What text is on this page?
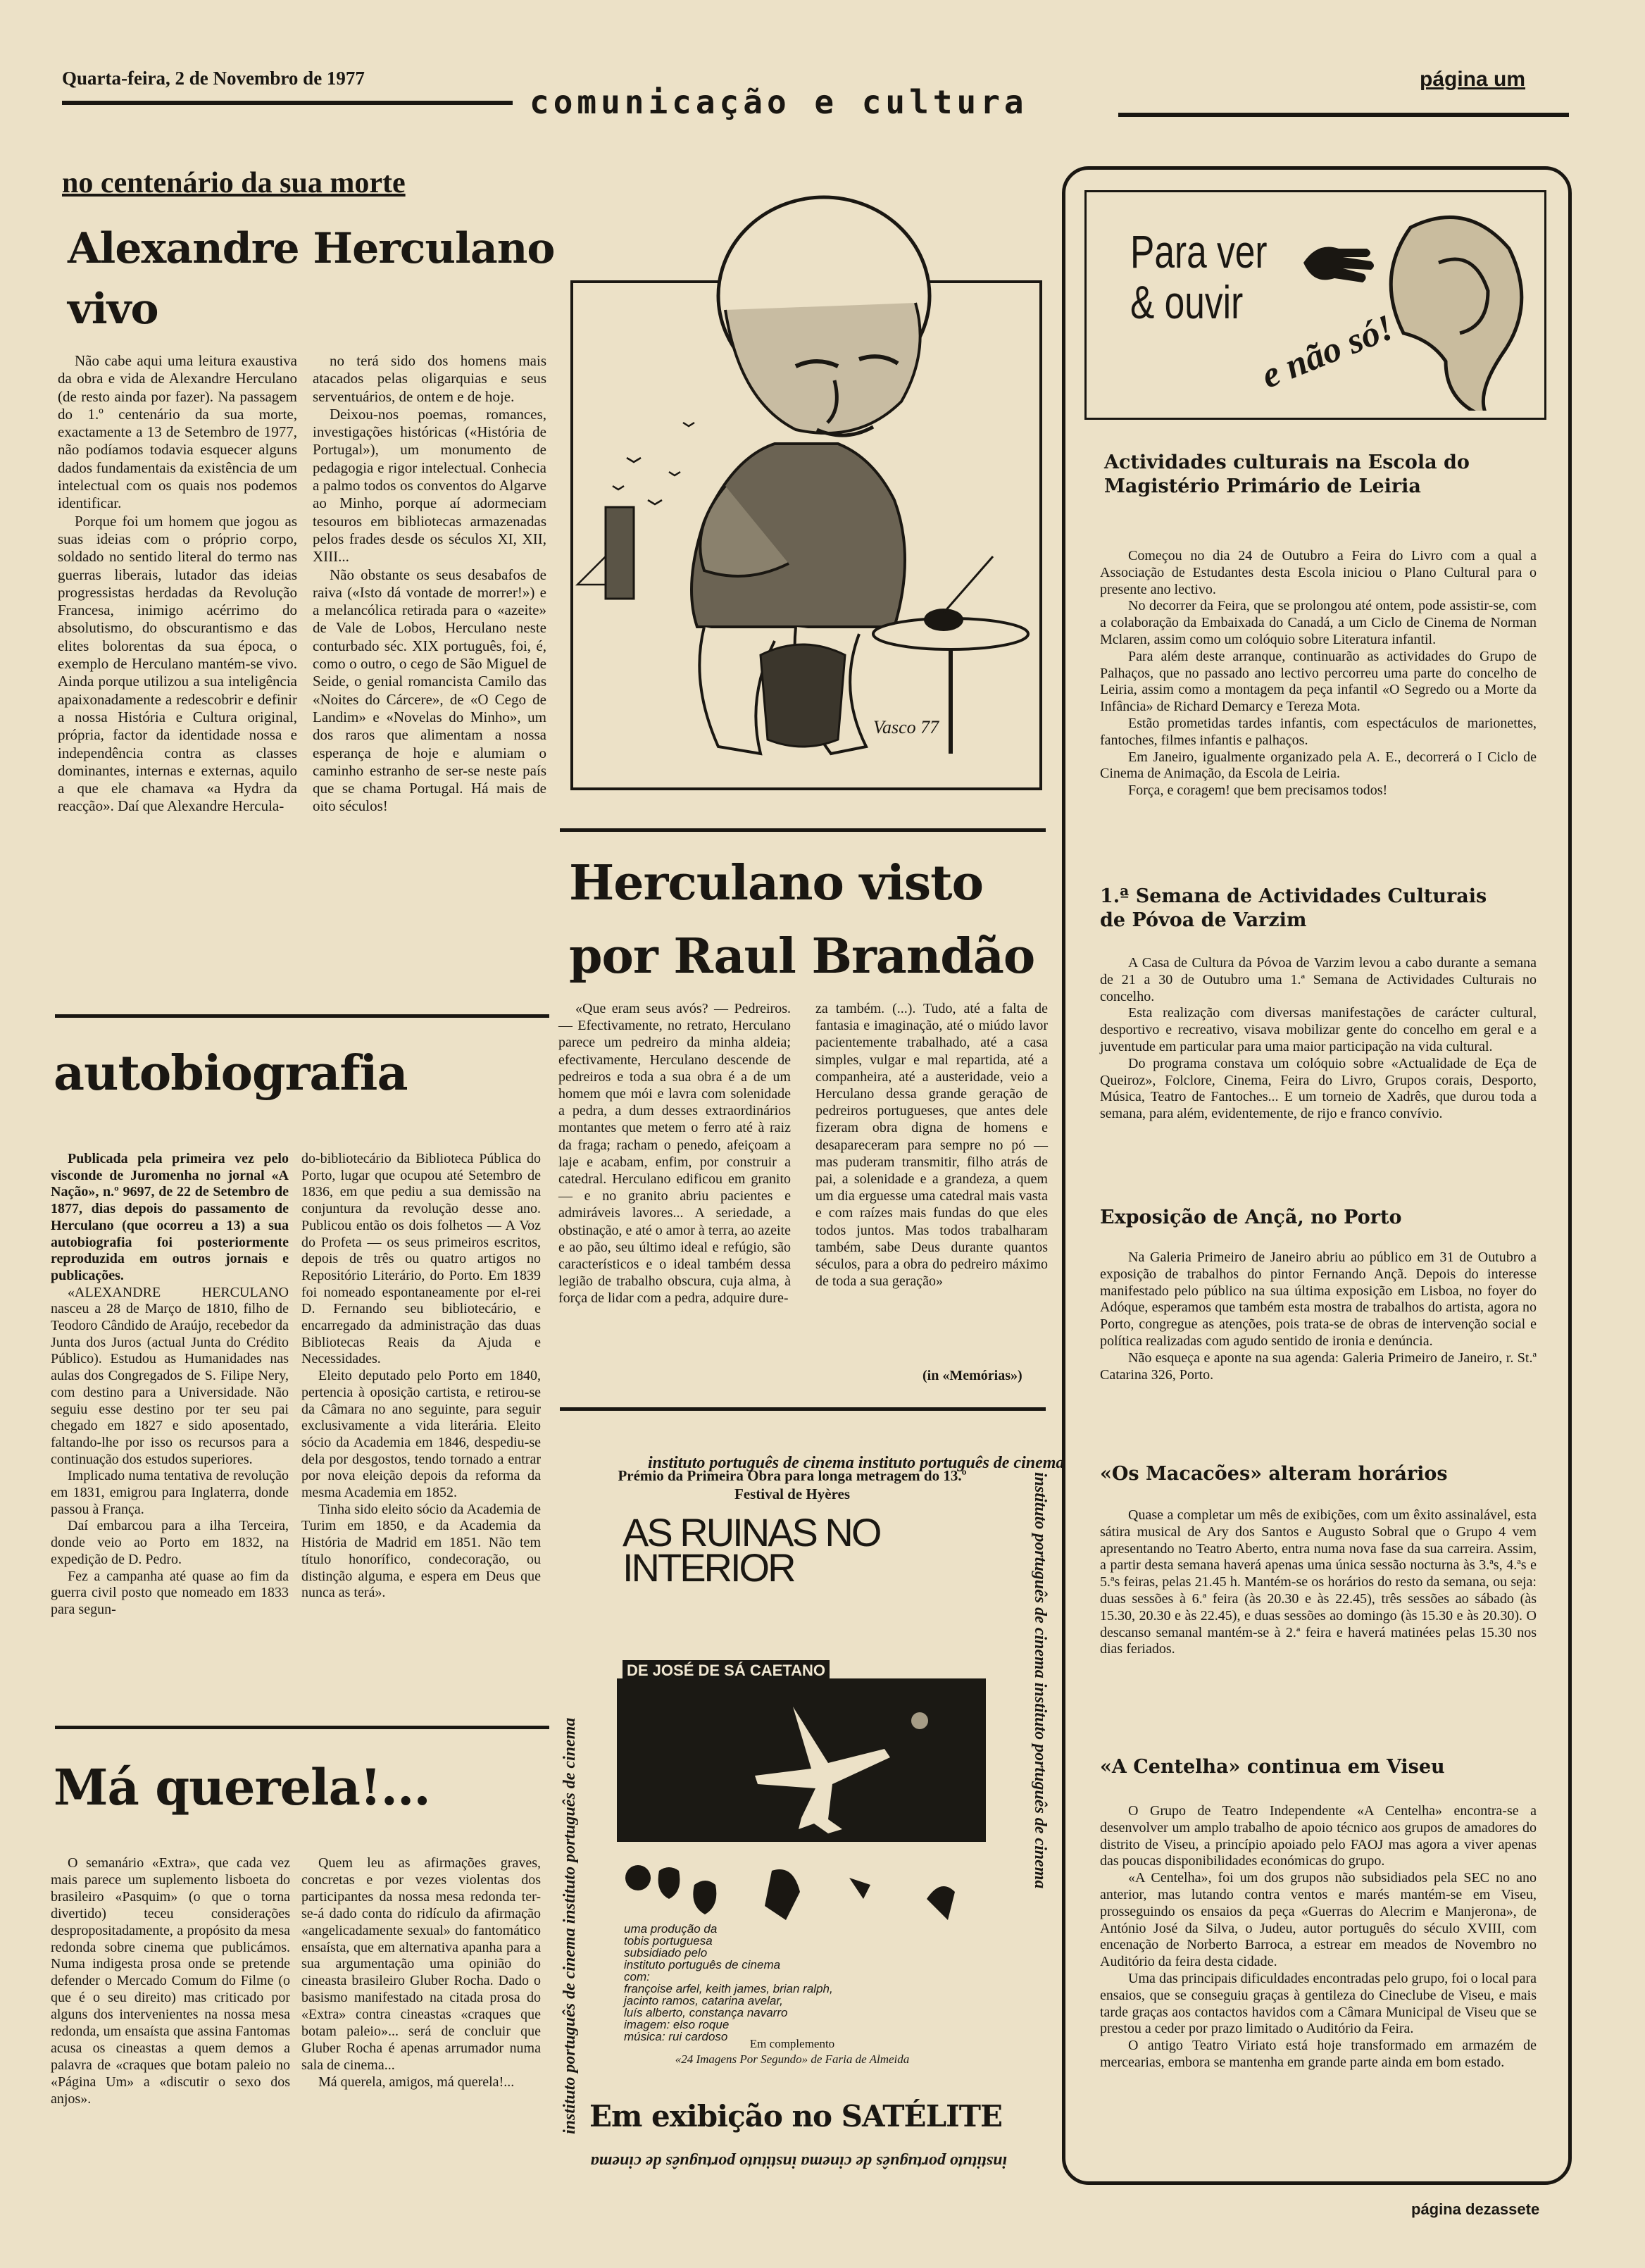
Quarta-feira, 2 de Novembro de 1977
comunicação e cultura
página um
no centenário da sua morte
Alexandre Herculano
vivo

Não cabe aqui uma leitura exaustiva da obra e vida de Alexandre Herculano (de resto ainda por fazer). Na passagem do 1.º centenário da sua morte, exactamente a 13 de Setembro de 1977, não podíamos todavia esquecer alguns dados fundamentais da existência de um intelectual com os quais nos podemos identificar.

Porque foi um homem que jogou as suas ideias com o próprio corpo, soldado no sentido literal do termo nas guerras liberais, lutador das ideias progressistas herdadas da Revolução Francesa, inimigo acérrimo do absolutismo, do obscurantismo e das elites bolorentas da sua época, o exemplo de Herculano mantém-se vivo. Ainda porque utilizou a sua inteligência apaixonadamente a redescobrir e definir a nossa História e Cultura original, própria, factor da identidade nossa e independência contra as classes dominantes, internas e externas, aquilo a que ele chamava «a Hydra da reacção». Daí que Alexandre Hercula-

no terá sido dos homens mais atacados pelas oligarquias e seus serventuários, de ontem e de hoje.

Deixou-nos poemas, romances, investigações históricas («História de Portugal»), um monumento de pedagogia e rigor intelectual. Conhecia a palmo todos os conventos do Algarve ao Minho, porque aí adormeciam tesouros em bibliotecas armazenadas pelos frades desde os séculos XI, XII, XIII...

Não obstante os seus desabafos de raiva («Isto dá vontade de morrer!») e a melancólica retirada para o «azeite» de Vale de Lobos, Herculano neste conturbado séc. XIX português, foi, é, como o outro, o cego de São Miguel de Seide, o genial romancista Camilo das «Noites do Cárcere», de «O Cego de Landim» e «Novelas do Minho», um dos raros que alimentam a nossa esperança de hoje e alumiam o caminho estranho de ser-se neste país que se chama Portugal. Há mais de oito séculos!

Vasco 77
Herculano visto
por Raul Brandão

«Que eram seus avós? — Pedreiros. — Efectivamente, no retrato, Herculano parece um pedreiro da minha aldeia; efectivamente, Herculano descende de pedreiros e toda a sua obra é a de um homem que mói e lavra com solenidade a pedra, a dum desses extraordinários montantes que metem o ferro até à raiz da fraga; racham o penedo, afeiçoam a laje e acabam, enfim, por construir a catedral. Herculano edificou em granito — e no granito abriu pacientes e admiráveis lavores... A seriedade, a obstinação, e até o amor à terra, ao azeite e ao pão, seu último ideal e refúgio, são característicos e o ideal também dessa legião de trabalho obscura, cuja alma, à força de lidar com a pedra, adquire dure-

za também. (...). Tudo, até a falta de fantasia e imaginação, até o miúdo lavor pacientemente trabalhado, até a casa simples, vulgar e mal repartida, até a companheira, até a austeridade, veio a Herculano dessa grande geração de pedreiros portugueses, que antes dele fizeram obra digna de homens e desapareceram para sempre no pó — mas puderam transmitir, filho atrás de pai, a solenidade e a grandeza, a quem um dia erguesse uma catedral mais vasta e com raízes mais fundas do que eles todos juntos. Mas todos trabalharam também, sabe Deus durante quantos séculos, para a obra do pedreiro máximo de toda a sua geração»

(in «Memórias»)
autobiografia

Publicada pela primeira vez pelo visconde de Juromenha no jornal «A Nação», n.º 9697, de 22 de Setembro de 1877, dias depois do passamento de Herculano (que ocorreu a 13) a sua autobiografia foi posteriormente reproduzida em outros jornais e publicações.

«ALEXANDRE HERCULANO nasceu a 28 de Março de 1810, filho de Teodoro Cândido de Araújo, recebedor da Junta dos Juros (actual Junta do Crédito Público). Estudou as Humanidades nas aulas dos Congregados de S. Filipe Nery, com destino para a Universidade. Não seguiu esse destino por ter seu pai chegado em 1827 e sido aposentado, faltando-lhe por isso os recursos para a continuação dos estudos superiores.

Implicado numa tentativa de revolução em 1831, emigrou para Inglaterra, donde passou à França.

Daí embarcou para a ilha Terceira, donde veio ao Porto em 1832, na expedição de D. Pedro.

Fez a campanha até quase ao fim da guerra civil posto que nomeado em 1833 para segun-

do-bibliotecário da Biblioteca Pública do Porto, lugar que ocupou até Setembro de 1836, em que pediu a sua demissão na conjuntura da revolução desse ano. Publicou então os dois folhetos — A Voz do Profeta — os seus primeiros escritos, depois de três ou quatro artigos no Repositório Literário, do Porto. Em 1839 foi nomeado espontaneamente por el-rei D. Fernando seu bibliotecário, e encarregado da administração das duas Bibliotecas Reais da Ajuda e Necessidades.

Eleito deputado pelo Porto em 1840, pertencia à oposição cartista, e retirou-se da Câmara no ano seguinte, para seguir exclusivamente a vida literária. Eleito sócio da Academia em 1846, despediu-se dela por desgostos, tendo tornado a entrar por nova eleição depois da reforma da mesma Academia em 1852.

Tinha sido eleito sócio da Academia de Turim em 1850, e da Academia da História de Madrid em 1851. Não tem título honorífico, condecoração, ou distinção alguma, e espera em Deus que nunca as terá».

Má querela!...

O semanário «Extra», que cada vez mais parece um suplemento lisboeta do brasileiro «Pasquim» (o que o torna divertido) teceu considerações despropositadamente, a propósito da mesa redonda sobre cinema que publicámos. Numa indigesta prosa onde se pretende defender o Mercado Comum do Filme (o que é o seu direito) mas criticado por alguns dos intervenientes na nossa mesa redonda, um ensaísta que assina Fantomas acusa os cineastas a quem demos a palavra de «craques que botam paleio no «Página Um» a «discutir o sexo dos anjos».

Quem leu as afirmações graves, concretas e por vezes violentas dos participantes da nossa mesa redonda ter-se-á dado conta do ridículo da afirmação «angelicadamente sexual» do fantomático ensaísta, que em alternativa apanha para a sua argumentação uma opinião do cineasta brasileiro Gluber Rocha. Dado o basismo manifestado na citada prosa do «Extra» contra cineastas «craques que botam paleio»... será de concluir que Gluber Rocha é apenas arrumador numa sala de cinema...

Má querela, amigos, má querela!...

instituto português de cinema instituto português de cinema
instituto português de cinema instituto português de cinema
instituto português de cinema instituto português de cinema
instituto português de cinema instituto português de cinema
Prémio da Primeira Obra para longa metragem do 13.º Festival de Hyères
AS RUINAS NO INTERIOR
DE JOSÉ DE SÁ CAETANO
uma produção da
tobis portuguesa
subsidiado pelo
instituto português de cinema
com:
françoise arfel, keith james, brian ralph,
jacinto ramos, catarina avelar,
luís alberto, constança navarro
imagem: elso roque
música: rui cardoso
Em complemento
«24 Imagens Por Segundo» de Faria de Almeida
Em exibição no SATÉLITE
Para ver
& ouvir
e não só!
Actividades culturais na Escola do Magistério Primário de Leiria

Começou no dia 24 de Outubro a Feira do Livro com a qual a Associação de Estudantes desta Escola iniciou o Plano Cultural para o presente ano lectivo.

No decorrer da Feira, que se prolongou até ontem, pode assistir-se, com a colaboração da Embaixada do Canadá, a um Ciclo de Cinema de Norman Mclaren, assim como um colóquio sobre Literatura infantil.

Para além deste arranque, continuarão as actividades do Grupo de Palhaços, que no passado ano lectivo percorreu uma parte do concelho de Leiria, assim como a montagem da peça infantil «O Segredo ou a Morte da Infância» de Richard Demarcy e Tereza Mota.

Estão prometidas tardes infantis, com espectáculos de marionettes, fantoches, filmes infantis e palhaços.

Em Janeiro, igualmente organizado pela A. E., decorrerá o I Ciclo de Cinema de Animação, da Escola de Leiria.

Força, e coragem! que bem precisamos todos!

1.ª Semana de Actividades Culturais de Póvoa de Varzim

A Casa de Cultura da Póvoa de Varzim levou a cabo durante a semana de 21 a 30 de Outubro uma 1.ª Semana de Actividades Culturais no concelho.

Esta realização com diversas manifestações de carácter cultural, desportivo e recreativo, visava mobilizar gente do concelho em geral e a juventude em particular para uma maior participação na vida cultural.

Do programa constava um colóquio sobre «Actualidade de Eça de Queiroz», Folclore, Cinema, Feira do Livro, Grupos corais, Desporto, Música, Teatro de Fantoches... E um torneio de Xadrês, que durou toda a semana, para além, evidentemente, de rijo e franco convívio.

Exposição de Ançã, no Porto

Na Galeria Primeiro de Janeiro abriu ao público em 31 de Outubro a exposição de trabalhos do pintor Fernando Ançã. Depois do interesse manifestado pelo público na sua última exposição em Lisboa, no foyer do Adóque, esperamos que também esta mostra de trabalhos do artista, agora no Porto, congregue as atenções, pois trata-se de obras de intervenção social e política realizadas com agudo sentido de ironia e denúncia.

Não esqueça e aponte na sua agenda: Galeria Primeiro de Janeiro, r. St.ª Catarina 326, Porto.

«Os Macacões» alteram horários

Quase a completar um mês de exibições, com um êxito assinalável, esta sátira musical de Ary dos Santos e Augusto Sobral que o Grupo 4 vem apresentando no Teatro Aberto, entra numa nova fase da sua carreira. Assim, a partir desta semana haverá apenas uma única sessão nocturna às 3.ªs, 4.ªs e 5.ªs feiras, pelas 21.45 h. Mantém-se os horários do resto da semana, ou seja: duas sessões à 6.ª feira (às 20.30 e às 22.45), três sessões ao sábado (às 15.30, 20.30 e às 22.45), e duas sessões ao domingo (às 15.30 e às 20.30). O descanso semanal mantém-se à 2.ª feira e haverá matinées pelas 15.30 nos dias feriados.

«A Centelha» continua em Viseu

O Grupo de Teatro Independente «A Centelha» encontra-se a desenvolver um amplo trabalho de apoio técnico aos grupos de amadores do distrito de Viseu, a princípio apoiado pelo FAOJ mas agora a viver apenas das poucas disponibilidades económicas do grupo.

«A Centelha», foi um dos grupos não subsidiados pela SEC no ano anterior, mas lutando contra ventos e marés mantém-se em Viseu, prosseguindo os ensaios da peça «Guerras do Alecrim e Manjerona», de António José da Silva, o Judeu, autor português do século XVIII, com encenação de Norberto Barroca, a estrear em meados de Novembro no Auditório da feira desta cidade.

Uma das principais dificuldades encontradas pelo grupo, foi o local para ensaios, que se conseguiu graças à gentileza do Cineclube de Viseu, e mais tarde graças aos contactos havidos com a Câmara Municipal de Viseu que se prestou a ceder por prazo limitado o Auditório da Feira.

O antigo Teatro Viriato está hoje transformado em armazém de mercearias, embora se mantenha em grande parte ainda em bom estado.

página dezassete
